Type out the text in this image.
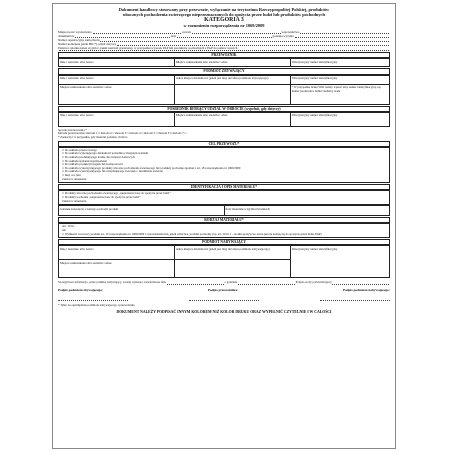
Dokument handlowy stosowany przy przewozie, wyłączanie na terytorium Rzeczypospolitej Polskiej, produktów
ubocznych pochodzenia zwierzęcego nieprzeznaczonych do spożycia przez ludzi lub produktów pochodnych
KATEGORIA 3
w rozumieniu rozporządzenia nr 1069/2009
Miejscowość wystawienia	powiat	województwo
dokument nr	data	godzina wysyłki
Numer rejestracyjny samochodu
Numer kontenera (znak BIC*), jeżeli dotyczy
Państwo członkowskie wyjścia i punkt kontroli granicznej, w przypadku wywozu PAP lub produktów pochodnych z PAP do państw trzecich
PRZEWOŹNIK
Imię i nazwisko albo nazwa	Miejsce zamieszkania albo siedziba i adres	Weterynaryjny numer identyfikacyjny
PODMIOT ZBYWAJĄCY
Imię i nazwisko albo nazwa	Adres miejsca działalności (jeżeli jest inny niż adres podmiotu zbywającego)	Weterynaryjny numer identyfikacyjny
Miejsce zamieszkania albo siedziba i adres		* W przypadku braku WNI należy wpisać inny numer identyfikacyjny, np. numer producenta, numer siedziby stada
POŚREDNIK BIORĄCY UDZIAŁ W OBROCIE (wypełnić, gdy dotyczy)
Imię i nazwisko albo nazwa	Miejsce zamieszkania albo siedziba i adres	Weterynaryjny numer identyfikacyjny
Sposób przetworzenia *
Metoda przetwarzania: metoda 1 □ metoda 2 □ metoda 3 □ metoda 4 □ metoda 5 □ metoda 6 □ metoda 7 □
* Zaznaczyć w przypadku, gdy materiał poddano obróbce
CEL PRZEWOZU*
□ Do zakładu przetwórczego
□ Do zakładu wykonującego działalność pośrednią z magazynowaniem
□ Do zakładu produkującego karmę dla zwierząt domowych
□ Do zakładu spalania/współspalania
□ Do zakładu produkcji biogazu lub kompostowni
□ Do zakładu wykorzystującego produkty uboczne pochodzenia zwierzęcego lub produkty pochodne zgodnie z art. 18 rozporządzenia nr 1069/2009
□ Do zakładu wykorzystującego lub utrzymującego zwierzęta / skarmianie zwierząt
□ Inny cel, jaki
Zakład w uniesieniu
IDENTYFIKACJA I OPIS MATERIAŁU*
□ Produkty uboczne pochodzenia zwierzęcego „nieprzeznaczone do spożycia przez ludzi”
□ Produkty pochodne „nieprzeznaczone do spożycia przez ludzi”
Zakład w uniesieniu
Gatunek zwierzęcia, z którego pochodzi produkt	Ilość materiału w kg/litrach/sztukach
RODZAJ MATERIAŁU*
Art. 10 lit.
lub
□ Wymienić towarowy produkt art. 10 rozporządzenia nr 1069/2009 i opis materiału lub, jeżeli właściwe, produkt pochodny (np. art. 10 lit. f – środki spożywcze, które już nie nadają się do spożycia przez ludzi, PAP)
PODMIOT NABYWAJĄCY
Imię i nazwisko albo nazwa	Adres miejsca działalności (jeżeli jest inny niż adres podmiotu nabywającego)	Weterynaryjny numer identyfikacyjny
Miejsce zamieszkania albo siedziba i adres		
Szczegółowe informacje, przez podmiot nabywający, zostały wpisane i zatwierdzone dnia	o godzinie	Podpis osoby potwierdzającej
Podpis podmiotu zbywającego:	Podpis przewoźnika:	Podpis podmiotu nabywającego:
* Tylko na egzemplarzu podmiotu nabywającego i przewoźnika
DOKUMENT NALEŻY PODPISAĆ INNYM KOLOREM NIŻ KOLOR DRUKU ORAZ WYPEŁNIĆ CZYTELNIE I W CAŁOŚCI
